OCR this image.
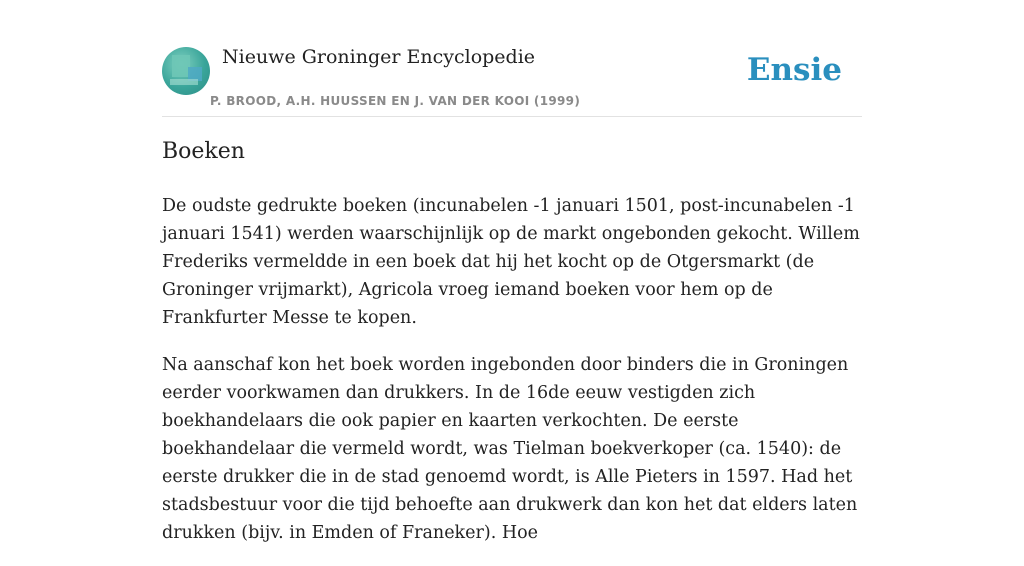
Nieuwe Groninger Encyclopedie
P. BROOD, A.H. HUUSSEN EN J. VAN DER KOOI (1999)
Ensie
Boeken

De oudste gedrukte boeken (incunabelen -1 januari 1501, post-incunabelen -1 januari 1541) werden waarschijnlijk op de markt ongebonden gekocht. Willem Frederiks vermeldde in een boek dat hij het kocht op de Otgersmarkt (de Groninger vrijmarkt), Agricola vroeg iemand boeken voor hem op de Frankfurter Messe te kopen.

Na aanschaf kon het boek worden ingebonden door binders die in Groningen eerder voorkwamen dan drukkers. In de 16de eeuw vestigden zich boekhandelaars die ook papier en kaarten verkochten. De eerste boekhandelaar die vermeld wordt, was Tielman boekverkoper (ca. 1540): de eerste drukker die in de stad genoemd wordt, is Alle Pieters in 1597. Had het stadsbestuur voor die tijd behoefte aan drukwerk dan kon het dat elders laten drukken (bijv. in Emden of Franeker). Hoe
